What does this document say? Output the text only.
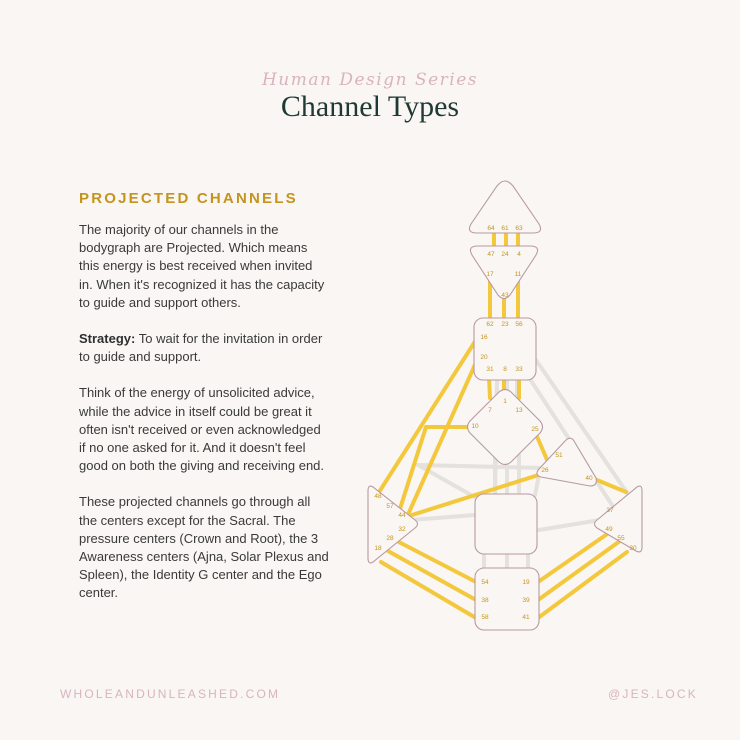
Human Design Series
Channel Types
PROJECTED CHANNELS

The majority of our channels in the bodygraph are Projected. Which means this energy is best received when invited in. When it's recognized it has the capacity to guide and support others.

Strategy: To wait for the invitation in order to guide and support.

Think of the energy of unsolicited advice, while the advice in itself could be great it often isn't received or even acknowledged if no one asked for it. And it doesn't feel good on both the giving and receiving end.

These projected channels go through all the centers except for the Sacral. The pressure centers (Crown and Root), the 3 Awareness centers (Ajna, Solar Plexus and Spleen), the Identity G center and the Ego center.

64 61 63
47 24 4
17	11
43
62 23 56
16
20
31 8 33
1
7	13
10	25
51
26
40
48
57
44
32
28
18
37
49
55
30
54	19
38	39
58	41
WHOLEANDUNLEASHED.COM	@JES.LOCK
